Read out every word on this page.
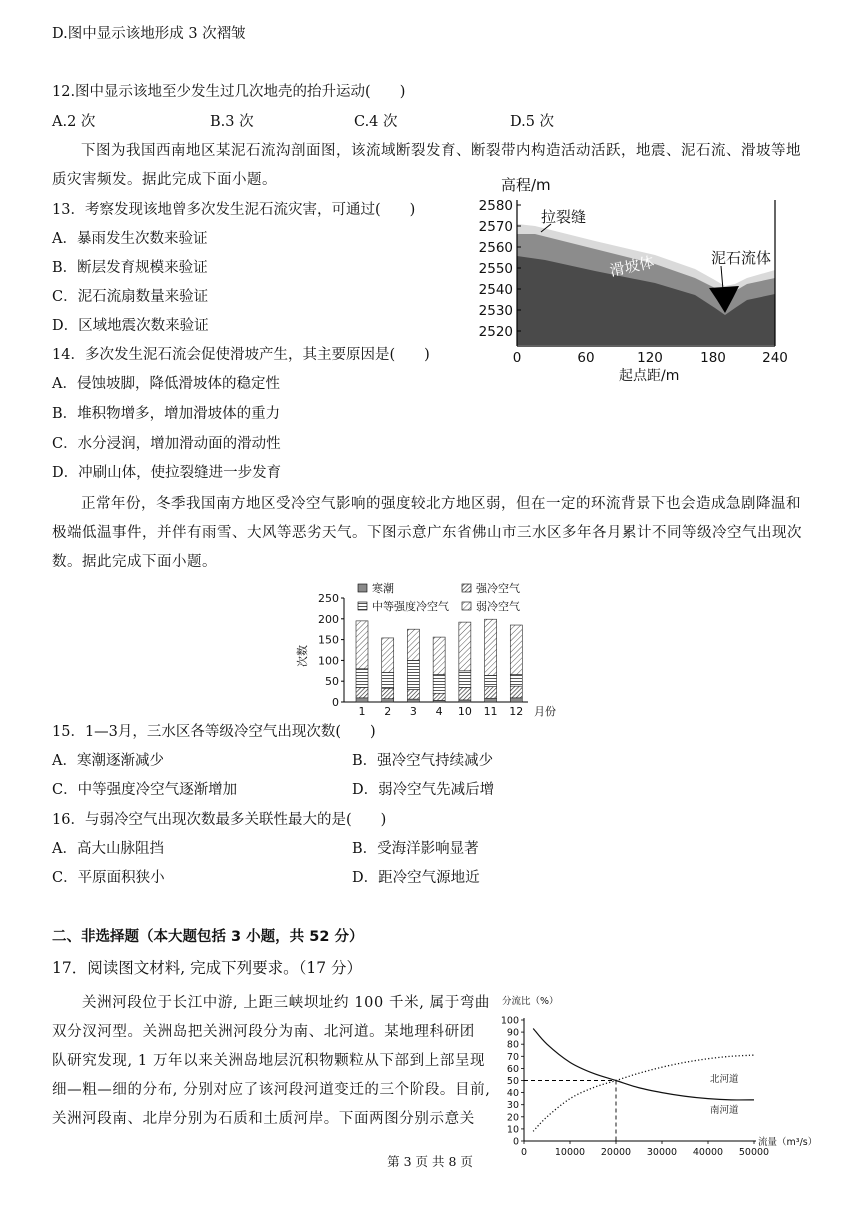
D.图中显示该地形成 3 次褶皱
12.图中显示该地至少发生过几次地壳的抬升运动(　　)
A.2 次	B.3 次	C.4 次	D.5 次
下图为我国西南地区某泥石流沟剖面图，该流域断裂发育、断裂带内构造活动活跃，地震、泥石流、滑坡等地质灾害频发。据此完成下面小题。
13．考察发现该地曾多次发生泥石流灾害，可通过(　　)
A．暴雨发生次数来验证
B．断层发育规模来验证
C．泥石流扇数量来验证
D．区域地震次数来验证
14．多次发生泥石流会促使滑坡产生，其主要原因是(　　)
A．侵蚀坡脚，降低滑坡体的稳定性
B．堆积物增多，增加滑坡体的重力
C．水分浸润，增加滑动面的滑动性
D．冲刷山体，使拉裂缝进一步发育
高程/m
2580
2570
2560
2550
2540
2530
2520
0	60	120	180	240
起点距/m
拉裂缝
滑坡体	泥石流体
正常年份，冬季我国南方地区受冷空气影响的强度较北方地区弱，但在一定的环流背景下也会造成急剧降温和极端低温事件，并伴有雨雪、大风等恶劣天气。下图示意广东省佛山市三水区多年各月累计不同等级冷空气出现次数。据此完成下面小题。
次数
0
50
100
150
200
250
1 2 3 4 10 11 12 月份
寒潮	强冷空气
中等强度冷空气 弱冷空气
15．1—3月，三水区各等级冷空气出现次数(　　)
A．寒潮逐渐减少	B．强冷空气持续减少
C．中等强度冷空气逐渐增加	D．弱冷空气先减后增
16．与弱冷空气出现次数最多关联性最大的是(　　)
A．高大山脉阻挡	B．受海洋影响显著
C．平原面积狭小	D．距冷空气源地近
二、非选择题（本大题包括 3 小题，共 52 分）
17．阅读图文材料, 完成下列要求。（17 分）
关洲河段位于长江中游, 上距三峡坝址约 100 千米, 属于弯曲
双分汊河型。关洲岛把关洲河段分为南、北河道。某地理科研团
队研究发现, 1 万年以来关洲岛地层沉积物颗粒从下部到上部呈现
细—粗—细的分布, 分别对应了该河段河道变迁的三个阶段。目前,
关洲河段南、北岸分别为石质和土质河岸。下面两图分别示意关
分流比（%）
0
10
20
30
40
50
60
70
80
90
100
0	10000 20000 30000 40000 50000
流量（m³/s）
北河道
南河道
第 3 页 共 8 页
